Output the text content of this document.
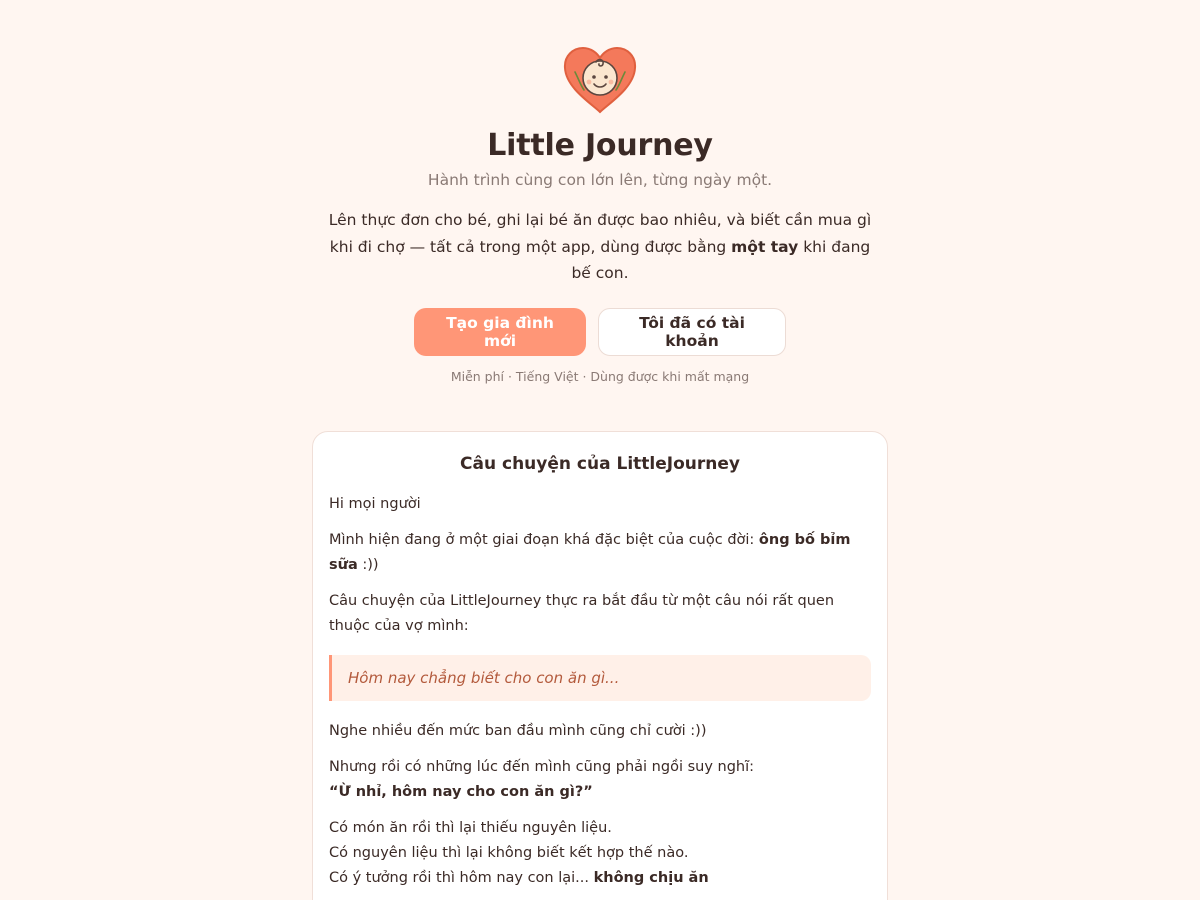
Little Journey
Hành trình cùng con lớn lên, từng ngày một.
Lên thực đơn cho bé, ghi lại bé ăn được bao nhiêu, và biết cần mua gì khi đi chợ — tất cả trong một app, dùng được bằng một tay khi đang bế con.
Tạo gia đình mới
Tôi đã có tài khoản
Miễn phí · Tiếng Việt · Dùng được khi mất mạng
Câu chuyện của LittleJourney

Hi mọi người

Mình hiện đang ở một giai đoạn khá đặc biệt của cuộc đời: ông bố bỉm sữa :))

Câu chuyện của LittleJourney thực ra bắt đầu từ một câu nói rất quen thuộc của vợ mình:

Hôm nay chẳng biết cho con ăn gì...

Nghe nhiều đến mức ban đầu mình cũng chỉ cười :))

Nhưng rồi có những lúc đến mình cũng phải ngồi suy nghĩ:
“Ừ nhỉ, hôm nay cho con ăn gì?”

Có món ăn rồi thì lại thiếu nguyên liệu.
Có nguyên liệu thì lại không biết kết hợp thế nào.
Có ý tưởng rồi thì hôm nay con lại... không chịu ăn
